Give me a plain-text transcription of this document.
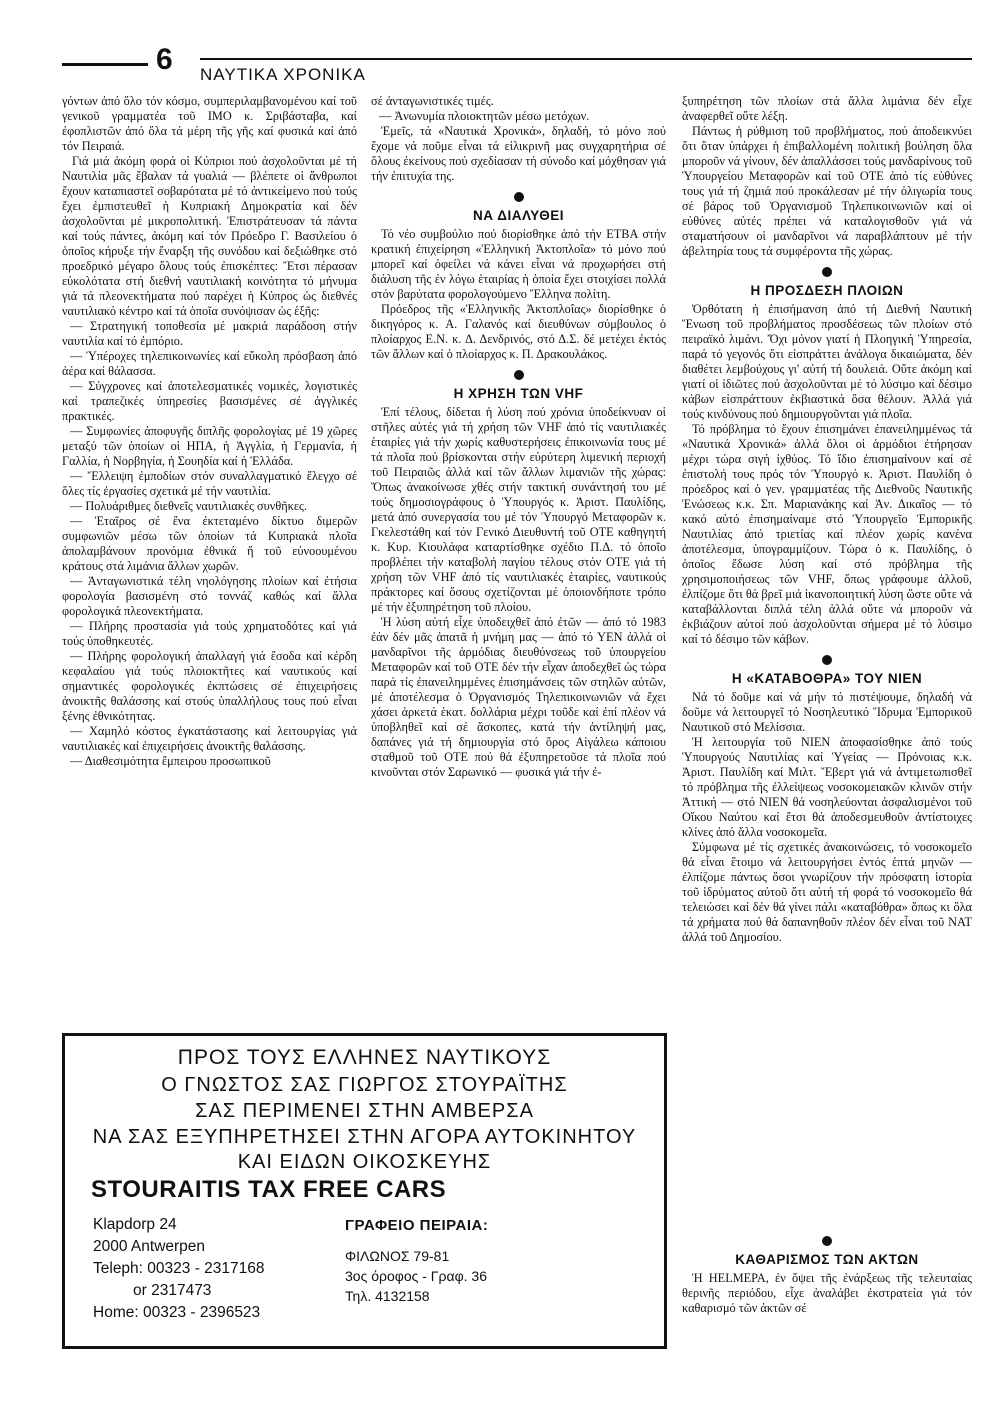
6 ΝΑΥΤΙΚΑ ΧΡΟΝΙΚΑ

γόντων ἀπό ὅλο τόν κόσμο, συμπεριλαμβανομένου καί τοῦ γενικοῦ γραμματέα τοῦ ΙΜΟ κ. Σριβάσταβα, καί ἐφοπλιστῶν ἀπό ὅλα τά μέρη τῆς γῆς καί φυσικά καί ἀπό τόν Πειραιά.

Γιά μιά ἀκόμη φορά οἱ Κύπριοι πού ἀσχολοῦνται μέ τή Ναυτιλία μᾶς ἔβαλαν τά γυαλιά — βλέπετε οἱ ἄνθρωποι ἔχουν καταπιαστεῖ σοβαρότατα μέ τό ἀντικείμενο πού τούς ἔχει ἐμπιστευθεῖ ἡ Κυπριακή Δημοκρατία καί δέν ἀσχολοῦνται μέ μικροπολιτική. Ἐπιστράτευσαν τά πάντα καί τούς πάντες, ἀκόμη καί τόν Πρόεδρο Γ. Βασιλείου ὁ ὁποῖος κήρυξε τήν ἔναρξη τῆς συνόδου καί δεξιώθηκε στό προεδρικό μέγαρο ὅλους τούς ἐπισκέπτες: Ἔτσι πέρασαν εὐκολότατα στή διεθνή ναυτιλιακή κοινότητα τό μήνυμα γιά τά πλεονεκτήματα πού παρέχει ἡ Κύπρος ὡς διεθνές ναυτιλιακό κέντρο καί τά ὁποῖα συνόψισαν ὡς ἑξῆς:

— Στρατηγική τοποθεσία μέ μακριά παράδοση στήν ναυτιλία καί τό ἐμπόριο.

— Ὑπέροχες τηλεπικοινωνίες καί εὔκολη πρόσβαση ἀπό ἀέρα καί θάλασσα.

— Σύγχρονες καί ἀποτελεσματικές νομικές, λογιστικές καί τραπεζικές ὑπηρεσίες βασισμένες σέ ἀγγλικές πρακτικές.

— Συμφωνίες ἀποφυγῆς διπλῆς φορολογίας μέ 19 χῶρες μεταξύ τῶν ὁποίων οἱ ΗΠΑ, ἡ Ἀγγλία, ἡ Γερμανία, ἡ Γαλλία, ἡ Νορβηγία, ἡ Σουηδία καί ἡ Ἑλλάδα.

— Ἔλλειψη ἐμποδίων στόν συναλλαγματικό ἔλεγχο σέ ὅλες τίς ἐργασίες σχετικά μέ τήν ναυτιλία.

— Πολυάριθμες διεθνεῖς ναυτιλιακές συνθῆκες.

— Ἑταῖρος σέ ἕνα ἐκτεταμένο δίκτυο διμερῶν συμφωνιῶν μέσω τῶν ὁποίων τά Κυπριακά πλοῖα ἀπολαμβάνουν προνόμια ἐθνικά ἤ τοῦ εὐνοουμένου κράτους στά λιμάνια ἄλλων χωρῶν.

— Ἀνταγωνιστικά τέλη νηολόγησης πλοίων καί ἐτήσια φορολογία βασισμένη στό τοννάζ καθώς καί ἄλλα φορολογικά πλεονεκτήματα.

— Πλήρης προστασία γιά τούς χρηματοδότες καί γιά τούς ὑποθηκευτές.

— Πλήρης φορολογική ἀπαλλαγή γιά ἔσοδα καί κέρδη κεφαλαίου γιά τούς πλοιοκτῆτες καί ναυτικούς καί σημαντικές φορολογικές ἐκπτώσεις σέ ἐπιχειρήσεις ἀνοικτῆς θαλάσσης καί στούς ὑπαλλήλους τους πού εἶναι ξένης ἐθνικότητας.

— Χαμηλό κόστος ἐγκατάστασης καί λειτουργίας γιά ναυτιλιακές καί ἐπιχειρήσεις ἀνοικτῆς θαλάσσης.

— Διαθεσιμότητα ἔμπειρου προσωπικοῦ

σέ ἀνταγωνιστικές τιμές.

— Ἀνωνυμία πλοιοκτητῶν μέσω μετόχων.

Ἐμεῖς, τά «Ναυτικά Χρονικά», δηλαδή, τό μόνο πού ἔχομε νά ποῦμε εἶναι τά εἰλικρινῆ μας συγχαρητήρια σέ ὅλους ἐκείνους πού σχεδίασαν τή σύνοδο καί μόχθησαν γιά τήν ἐπιτυχία της.

ΝΑ ΔΙΑΛΥΘΕΙ

Τό νέο συμβούλιο πού διορίσθηκε ἀπό τήν ΕΤΒΑ στήν κρατική ἐπιχείρηση «Ἑλληνική Ἀκτοπλοΐα» τό μόνο πού μπορεῖ καί ὀφείλει νά κάνει εἶναι νά προχωρήσει στή διάλυση τῆς ἐν λόγω ἑταιρίας ἡ ὁποία ἔχει στοιχίσει πολλά στόν βαρύτατα φορολογούμενο Ἕλληνα πολίτη.

Πρόεδρος τῆς «Ἑλληνικῆς Ἀκτοπλοΐας» διορίσθηκε ὁ δικηγόρος κ. Α. Γαλανός καί διευθύνων σύμβουλος ὁ πλοίαρχος Ε.Ν. κ. Δ. Δενδρινός, στό Δ.Σ. δέ μετέχει ἐκτός τῶν ἄλλων καί ὁ πλοίαρχος κ. Π. Δρακουλάκος.

Η ΧΡΗΣΗ ΤΩΝ VHF

Ἐπί τέλους, δίδεται ἡ λύση πού χρόνια ὑποδείκνυαν οἱ στῆλες αὐτές γιά τή χρήση τῶν VHF ἀπό τίς ναυτιλιακές ἑταιρίες γιά τήν χωρίς καθυστερήσεις ἐπικοινωνία τους μέ τά πλοῖα πού βρίσκονται στήν εὐρύτερη λιμενική περιοχή τοῦ Πειραιῶς ἀλλά καί τῶν ἄλλων λιμανιῶν τῆς χώρας: Ὅπως ἀνακοίνωσε χθές στήν τακτική συνάντησή του μέ τούς δημοσιογράφους ὁ Ὑπουργός κ. Ἀριστ. Παυλίδης, μετά ἀπό συνεργασία του μέ τόν Ὑπουργό Μεταφορῶν κ. Γκελεστάθη καί τόν Γενικό Διευθυντή τοῦ ΟΤΕ καθηγητή κ. Κυρ. Κιουλάφα καταρτίσθηκε σχέδιο Π.Δ. τό ὁποῖο προβλέπει τήν καταβολή παγίου τέλους στόν ΟΤΕ γιά τή χρήση τῶν VHF ἀπό τίς ναυτιλιακές ἑταιρίες, ναυτικούς πράκτορες καί ὅσους σχετίζονται μέ ὁποιονδήποτε τρόπο μέ τήν ἐξυπηρέτηση τοῦ πλοίου.

Ἡ λύση αὐτή εἶχε ὑποδειχθεῖ ἀπό ἐτῶν — ἀπό τό 1983 ἐάν δέν μᾶς ἀπατᾶ ἡ μνήμη μας — ἀπό τό ΥΕΝ ἀλλά οἱ μανδαρῖνοι τῆς ἁρμόδιας διευθύνσεως τοῦ ὑπουργείου Μεταφορῶν καί τοῦ ΟΤΕ δέν τήν εἶχαν ἀποδεχθεῖ ὡς τώρα παρά τίς ἐπανειλημμένες ἐπισημάνσεις τῶν στηλῶν αὐτῶν, μέ ἀποτέλεσμα ὁ Ὀργανισμός Τηλεπικοινωνιῶν νά ἔχει χάσει ἀρκετά ἑκατ. δολλάρια μέχρι τοῦδε καί ἐπί πλέον νά ὑποβληθεῖ καί σέ ἄσκοπες, κατά τήν ἀντίληψή μας, δαπάνες γιά τή δημιουργία στό ὅρος Αἰγάλεω κάποιου σταθμοῦ τοῦ ΟΤΕ πού θά ἐξυπηρετοῦσε τά πλοῖα πού κινοῦνται στόν Σαρωνικό — φυσικά γιά τήν ἐ-

ξυπηρέτηση τῶν πλοίων στά ἄλλα λιμάνια δέν εἶχε ἀναφερθεῖ οὔτε λέξη.

Πάντως ἡ ρύθμιση τοῦ προβλήματος, πού ἀποδεικνύει ὅτι ὅταν ὑπάρχει ἡ ἐπιβαλλομένη πολιτική βούληση ὅλα μποροῦν νά γίνουν, δέν ἀπαλλάσσει τούς μανδαρίνους τοῦ Ὑπουργείου Μεταφορῶν καί τοῦ ΟΤΕ ἀπό τίς εὐθύνες τους γιά τή ζημιά πού προκάλεσαν μέ τήν ὀλιγωρία τους σέ βάρος τοῦ Ὀργανισμοῦ Τηλεπικοινωνιῶν καί οἱ εὐθύνες αὐτές πρέπει νά καταλογισθοῦν γιά νά σταματήσουν οἱ μανδαρῖνοι νά παραβλάπτουν μέ τήν ἀβελτηρία τους τά συμφέροντα τῆς χώρας.

Η ΠΡΟΣΔΕΣΗ ΠΛΟΙΩΝ

Ὀρθότατη ἡ ἐπισήμανση ἀπό τή Διεθνή Ναυτική Ἕνωση τοῦ προβλήματος προσδέσεως τῶν πλοίων στό πειραϊκό λιμάνι. Ὄχι μόνον γιατί ἡ Πλοηγική Ὑπηρεσία, παρά τό γεγονός ὅτι εἰσπράττει ἀνάλογα δικαιώματα, δέν διαθέτει λεμβούχους γι' αὐτή τή δουλειά. Οὔτε ἀκόμη καί γιατί οἱ ἰδιῶτες πού ἀσχολοῦνται μέ τό λύσιμο καί δέσιμο κάβων εἰσπράττουν ἐκβιαστικά ὅσα θέλουν. Ἀλλά γιά τούς κινδύνους πού δημιουργοῦνται γιά πλοῖα.

Τό πρόβλημα τό ἔχουν ἐπισημάνει ἐπανειλημμένως τά «Ναυτικά Χρονικά» ἀλλά ὅλοι οἱ ἁρμόδιοι ἐτήρησαν μέχρι τώρα σιγή ἰχθύος. Τό ἴδιο ἐπισημαίνουν καί σέ ἐπιστολή τους πρός τόν Ὑπουργό κ. Ἀριστ. Παυλίδη ὁ πρόεδρος καί ὁ γεν. γραμματέας τῆς Διεθνοῦς Ναυτικῆς Ἑνώσεως κ.κ. Σπ. Μαριανάκης καί Ἀν. Δικαῖος — τό κακό αὐτό ἐπισημαίναμε στό Ὑπουργεῖο Ἐμπορικῆς Ναυτιλίας ἀπό τριετίας καί πλέον χωρίς κανένα ἀποτέλεσμα, ὑπογραμμίζουν. Τώρα ὁ κ. Παυλίδης, ὁ ὁποῖος ἔδωσε λύση καί στό πρόβλημα τῆς χρησιμοποιήσεως τῶν VHF, ὅπως γράφουμε ἀλλοῦ, ἐλπίζομε ὅτι θά βρεῖ μιά ἱκανοποιητική λύση ὥστε οὔτε νά καταβάλλονται διπλά τέλη ἀλλά οὔτε νά μποροῦν νά ἐκβιάζουν αὐτοί πού ἀσχολοῦνται σήμερα μέ τό λύσιμο καί τό δέσιμο τῶν κάβων.

Η «ΚΑΤΑΒΟΘΡΑ» ΤΟΥ ΝΙΕΝ

Νά τό δοῦμε καί νά μήν τό πιστέψουμε, δηλαδή νά δοῦμε νά λειτουργεῖ τό Νοσηλευτικό Ἵδρυμα Ἐμπορικοῦ Ναυτικοῦ στό Μελίσσια.

Ἡ λειτουργία τοῦ ΝΙΕΝ ἀποφασίσθηκε ἀπό τούς Ὑπουργούς Ναυτιλίας καί Ὑγείας — Πρόνοιας κ.κ. Ἀριστ. Παυλίδη καί Μιλτ. Ἔβερτ γιά νά ἀντιμετωπισθεῖ τό πρόβλημα τῆς ἐλλείψεως νοσοκομειακῶν κλινῶν στήν Ἀττική — στό ΝΙΕΝ θά νοσηλεύονται ἀσφαλισμένοι τοῦ Οἴκου Ναύτου καί ἔτσι θά ἀποδεσμευθοῦν ἀντίστοιχες κλίνες ἀπό ἄλλα νοσοκομεῖα.

Σύμφωνα μέ τίς σχετικές ἀνακοινώσεις, τό νοσοκομεῖο θά εἶναι ἕτοιμο νά λειτουργήσει ἐντός ἑπτά μηνῶν — ἐλπίζομε πάντως ὅσοι γνωρίζουν τήν πρόσφατη ἱστορία τοῦ ἱδρύματος αὐτοῦ ὅτι αὐτή τή φορά τό νοσοκομεῖο θά τελειώσει καί δέν θά γίνει πάλι «καταβόθρα» ὅπως κι ὅλα τά χρήματα πού θά δαπανηθοῦν πλέον δέν εἶναι τοῦ ΝΑΤ ἀλλά τοῦ Δημοσίου.

ΚΑΘΑΡΙΣΜΟΣ ΤΩΝ ΑΚΤΩΝ

Ἡ HELMEPA, ἐν ὄψει τῆς ἐνάρξεως τῆς τελευταίας θερινῆς περιόδου, εἶχε ἀναλάβει ἐκστρατεία γιά τόν καθαρισμό τῶν ἀκτῶν σέ

ΠΡΟΣ ΤΟΥΣ ΕΛΛΗΝΕΣ ΝΑΥΤΙΚΟΥΣ
Ο ΓΝΩΣΤΟΣ ΣΑΣ ΓΙΩΡΓΟΣ ΣΤΟΥΡΑΪΤΗΣ
ΣΑΣ ΠΕΡΙΜΕΝΕΙ ΣΤΗΝ ΑΜΒΕΡΣΑ
ΝΑ ΣΑΣ ΕΞΥΠΗΡΕΤΗΣΕΙ ΣΤΗΝ ΑΓΟΡΑ ΑΥΤΟΚΙΝΗΤΟΥ
ΚΑΙ ΕΙΔΩΝ ΟΙΚΟΣΚΕΥΗΣ
STOURAITIS TAX FREE CARS
Klapdorp 24
2000 Antwerpen
Teleph: 00323 - 2317168
or 2317473
Home: 00323 - 2396523
ΓΡΑΦΕΙΟ ΠΕΙΡΑΙΑ:
ΦΙΛΩΝΟΣ 79-81
3ος όροφος - Γραφ. 36
Τηλ. 4132158
